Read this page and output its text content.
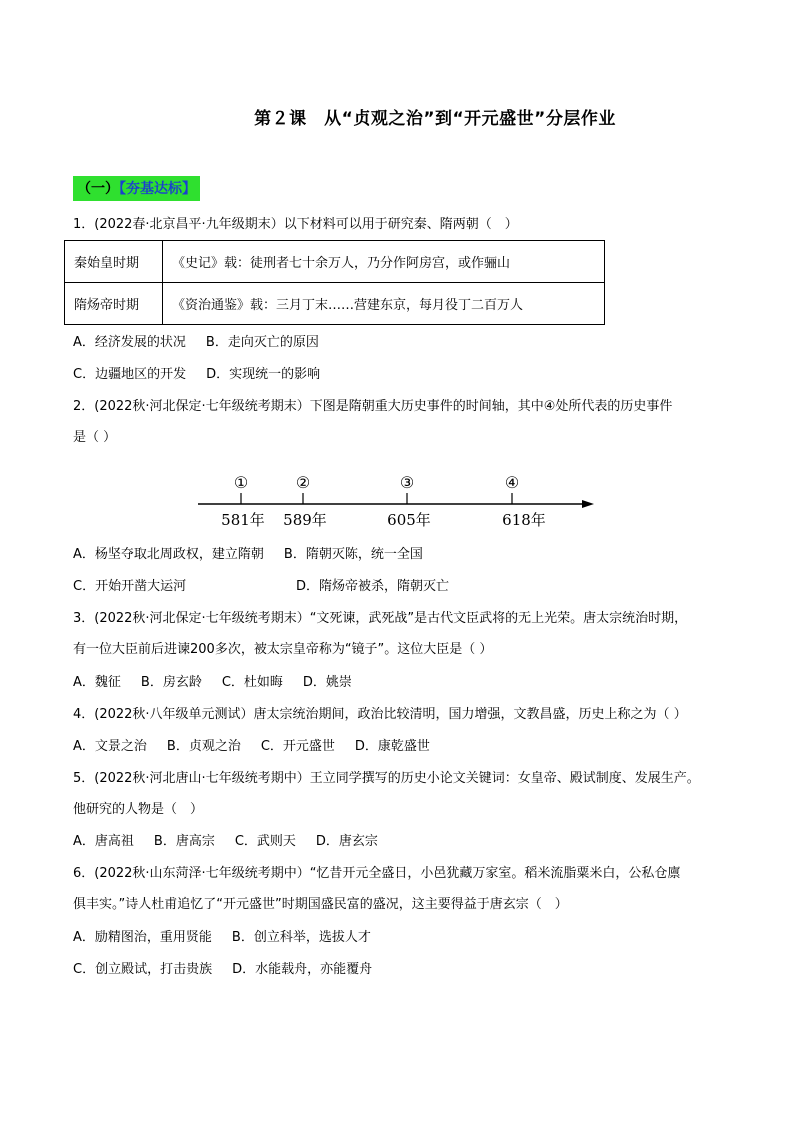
第２课　从“贞观之治”到“开元盛世”分层作业
（一）【夯基达标】
1．(2022春·北京昌平·九年级期末）以下材料可以用于研究秦、隋两朝（　）
秦始皇时期	《史记》载：徒刑者七十余万人，乃分作阿房宫，或作骊山
隋炀帝时期	《资治通鉴》载：三月丁末……营建东京，每月役丁二百万人
A．经济发展的状况 B．走向灭亡的原因
C．边疆地区的开发 D．实现统一的影响
2．(2022秋·河北保定·七年级统考期末）下图是隋朝重大历史事件的时间轴，其中④处所代表的历史事件
是（ ）
①	②	③	④
581年 589年	605年	618年
A．杨坚夺取北周政权，建立隋朝 B．隋朝灭陈，统一全国
C．开始开凿大运河	D．隋炀帝被杀，隋朝灭亡
3．(2022秋·河北保定·七年级统考期末）“文死谏，武死战”是古代文臣武将的无上光荣。唐太宗统治时期，
有一位大臣前后进谏200多次，被太宗皇帝称为“镜子”。这位大臣是（ ）
A．魏征 B．房玄龄 C．杜如晦 D．姚崇
4．(2022秋·八年级单元测试）唐太宗统治期间，政治比较清明，国力增强，文教昌盛，历史上称之为（ ）
A．文景之治 B．贞观之治 C．开元盛世 D．康乾盛世
5．(2022秋·河北唐山·七年级统考期中）王立同学撰写的历史小论文关键词：女皇帝、殿试制度、发展生产。
他研究的人物是（　）
A．唐高祖 B．唐高宗 C．武则天 D．唐玄宗
6．(2022秋·山东菏泽·七年级统考期中）“忆昔开元全盛日，小邑犹藏万家室。稻米流脂粟米白，公私仓廪
俱丰实。”诗人杜甫追忆了“开元盛世”时期国盛民富的盛况，这主要得益于唐玄宗（　）
A．励精图治，重用贤能 B．创立科举，选拔人才
C．创立殿试，打击贵族 D．水能载舟，亦能覆舟
